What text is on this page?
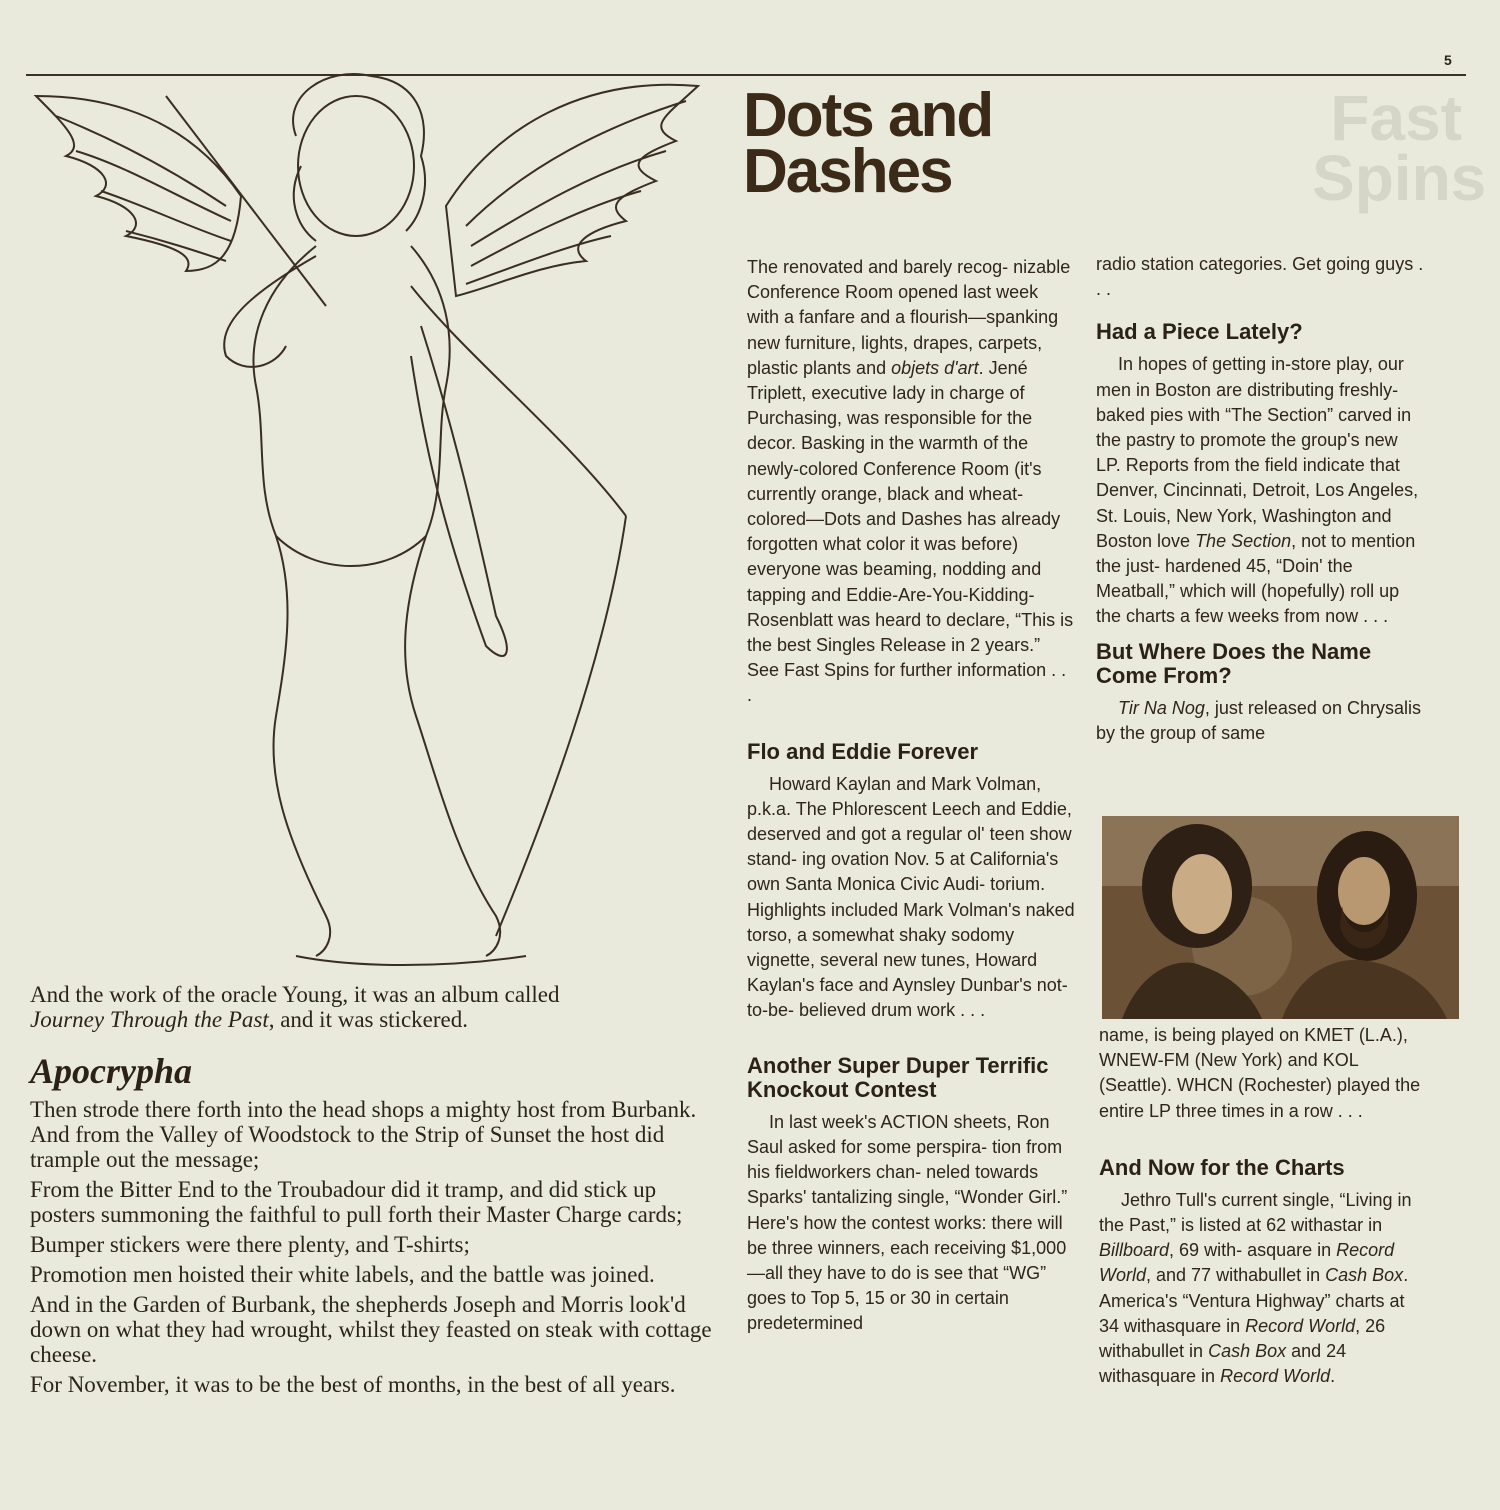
Fast
Spins
5
Dots and
Dashes
And the work of the oracle Young, it was an album called
Journey Through the Past, and it was stickered.
Apocrypha

Then strode there forth into the head shops a mighty host from Burbank. And from the Valley of Woodstock to the Strip of Sunset the host did trample out the message;

From the Bitter End to the Troubadour did it tramp, and did stick up posters summoning the faithful to pull forth their Master Charge cards;

Bumper stickers were there plenty, and T-shirts;

Promotion men hoisted their white labels, and the battle was joined.

And in the Garden of Burbank, the shepherds Joseph and Morris look'd down on what they had wrought, whilst they feasted on steak with cottage cheese.

For November, it was to be the best of months, in the best of all years.

The renovated and barely recog- nizable Conference Room opened last week with a fanfare and a flourish—spanking new furniture, lights, drapes, carpets, plastic plants and objets d'art. Jené Triplett, executive lady in charge of Purchasing, was responsible for the decor. Basking in the warmth of the newly-colored Conference Room (it's currently orange, black and wheat-colored—Dots and Dashes has already forgotten what color it was before) everyone was beaming, nodding and tapping and Eddie-Are-You-Kidding-Rosenblatt was heard to declare, “This is the best Singles Release in 2 years.” See Fast Spins for further information . . .

Flo and Eddie Forever

Howard Kaylan and Mark Volman, p.k.a. The Phlorescent Leech and Eddie, deserved and got a regular ol' teen show stand- ing ovation Nov. 5 at California's own Santa Monica Civic Audi- torium. Highlights included Mark Volman's naked torso, a somewhat shaky sodomy vignette, several new tunes, Howard Kaylan's face and Aynsley Dunbar's not-to-be- believed drum work . . .

Another Super Duper Terrific Knockout Contest

In last week's ACTION sheets, Ron Saul asked for some perspira- tion from his fieldworkers chan- neled towards Sparks' tantalizing single, “Wonder Girl.” Here's how the contest works: there will be three winners, each receiving $1,000—all they have to do is see that “WG” goes to Top 5, 15 or 30 in certain predetermined

radio station categories. Get going guys . . .

Had a Piece Lately?

In hopes of getting in-store play, our men in Boston are distributing freshly-baked pies with “The Section” carved in the pastry to promote the group's new LP. Reports from the field indicate that Denver, Cincinnati, Detroit, Los Angeles, St. Louis, New York, Washington and Boston love The Section, not to mention the just- hardened 45, “Doin' the Meatball,” which will (hopefully) roll up the charts a few weeks from now . . .

But Where Does the Name Come From?

Tir Na Nog, just released on Chrysalis by the group of same

name, is being played on KMET (L.A.), WNEW-FM (New York) and KOL (Seattle). WHCN (Rochester) played the entire LP three times in a row . . .

And Now for the Charts

Jethro Tull's current single, “Living in the Past,” is listed at 62 withastar in Billboard, 69 with- asquare in Record World, and 77 withabullet in Cash Box. America's “Ventura Highway” charts at 34 withasquare in Record World, 26 withabullet in Cash Box and 24 withasquare in Record World.
